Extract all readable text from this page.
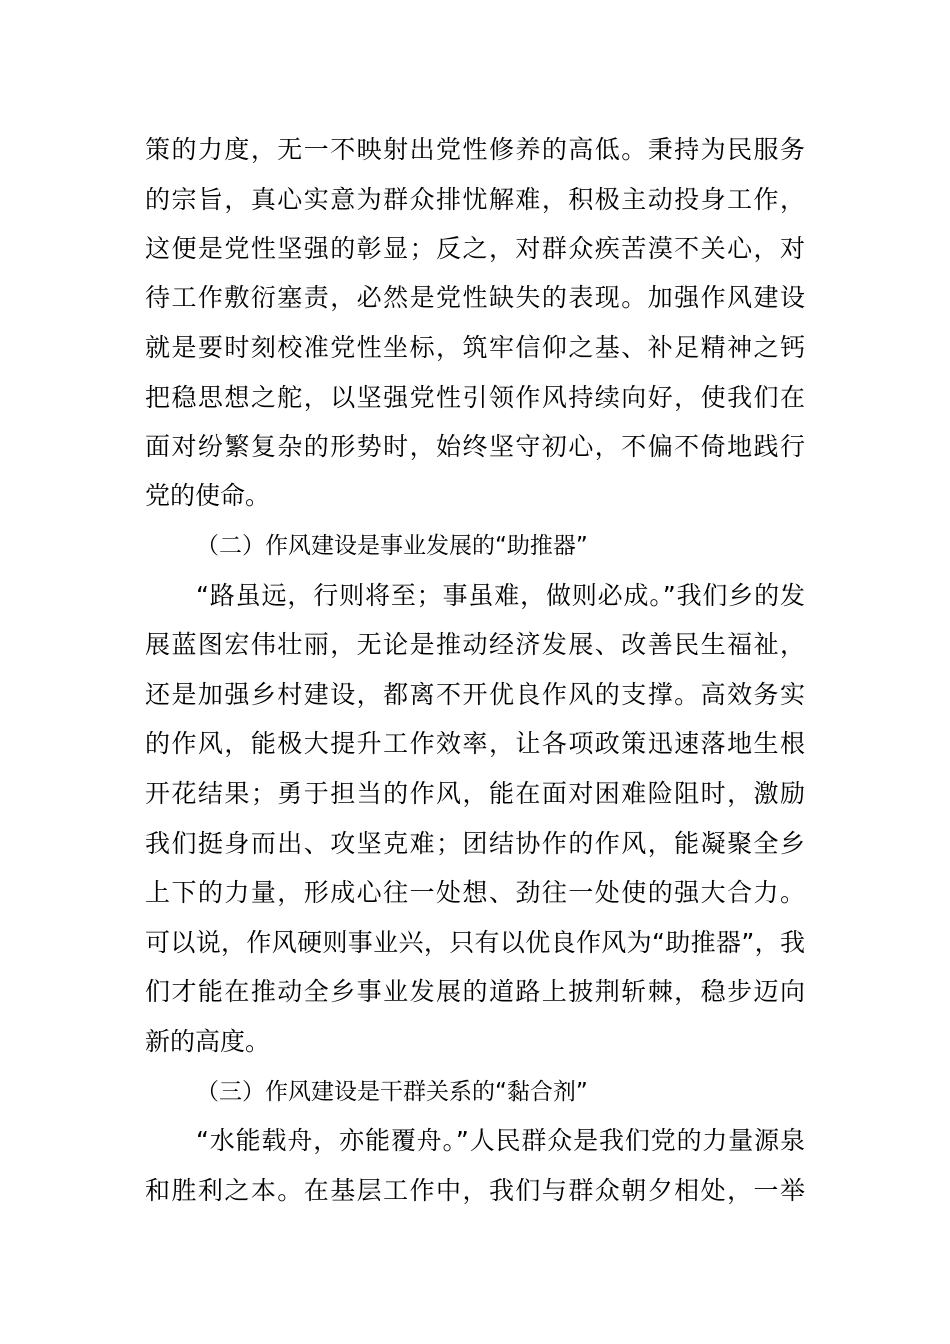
策的力度，无一不映射出党性修养的高低。秉持为民服务
的宗旨，真心实意为群众排忧解难，积极主动投身工作，
这便是党性坚强的彰显；反之，对群众疾苦漠不关心，对
待工作敷衍塞责，必然是党性缺失的表现。加强作风建设
就是要时刻校准党性坐标，筑牢信仰之基、补足精神之钙
把稳思想之舵，以坚强党性引领作风持续向好，使我们在
面对纷繁复杂的形势时，始终坚守初心，不偏不倚地践行
党的使命。
（二）作风建设是事业发展的“助推器”
“路虽远，行则将至；事虽难，做则必成。”我们乡的发
展蓝图宏伟壮丽，无论是推动经济发展、改善民生福祉，
还是加强乡村建设，都离不开优良作风的支撑。高效务实
的作风，能极大提升工作效率，让各项政策迅速落地生根
开花结果；勇于担当的作风，能在面对困难险阻时，激励
我们挺身而出、攻坚克难；团结协作的作风，能凝聚全乡
上下的力量，形成心往一处想、劲往一处使的强大合力。
可以说，作风硬则事业兴，只有以优良作风为“助推器”，我
们才能在推动全乡事业发展的道路上披荆斩棘，稳步迈向
新的高度。
（三）作风建设是干群关系的“黏合剂”
“水能载舟，亦能覆舟。”人民群众是我们党的力量源泉
和胜利之本。在基层工作中，我们与群众朝夕相处，一举
